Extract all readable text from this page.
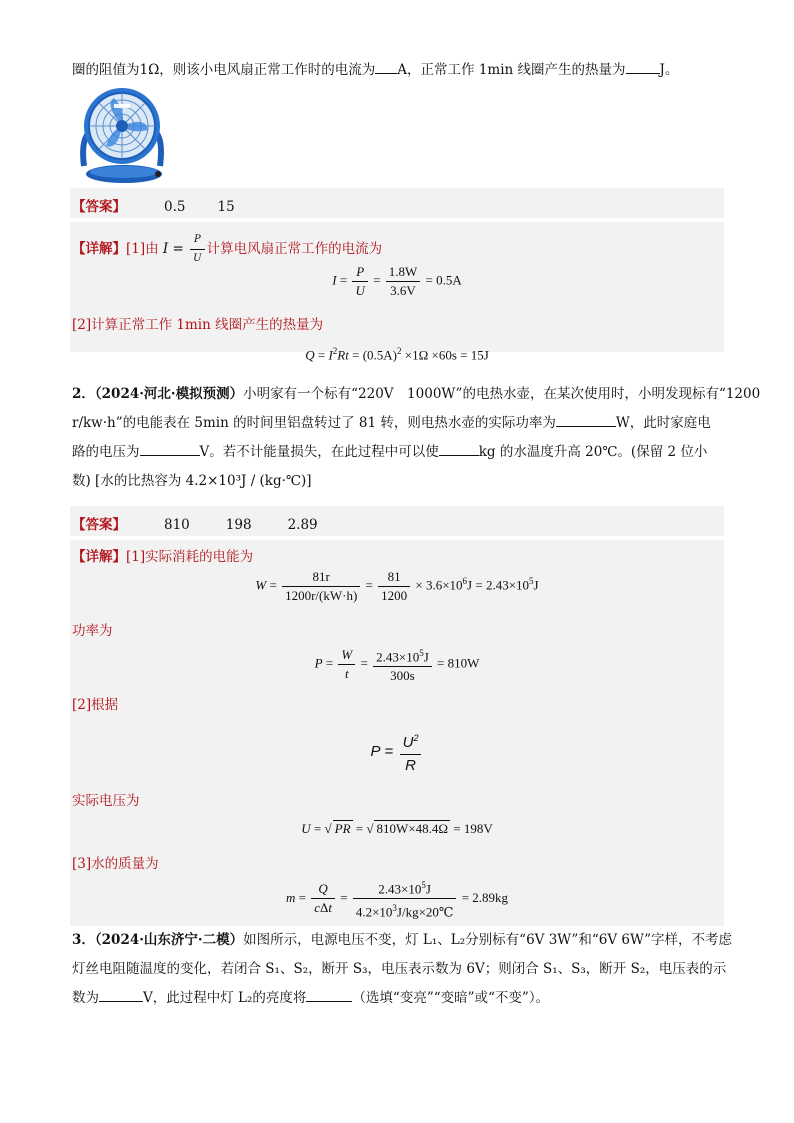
圈的阻值为1Ω，则该小电风扇正常工作时的电流为 A，正常工作 1min 线圈产生的热量为	J。
【答案】	0.5 15
【详解】[1]由 $I = \frac{P}{U}$ 计算电风扇正常工作的电流为
$I = \frac{P}{U} = \frac{1.8W}{3.6V} = 0.5A$
[2]计算正常工作 1min 线圈产生的热量为
$Q = I^2Rt = (0.5A)^2 \times 1\Omega \times 60s = 15J$
2．（2024·河北·模拟预测）小明家有一个标有“220V　1000W”的电热水壶，在某次使用时，小明发现标有“1200
r/kw·h”的电能表在 5min 的时间里铝盘转过了 81 转，则电热水壶的实际功率为	W，此时家庭电
路的电压为	V。若不计能量损失，在此过程中可以使	kg 的水温度升高 20℃。(保留 2 位小
数) [水的比热容为 4.2×10³J / (kg·℃)]
【答案】	810	198	2.89
【详解】[1]实际消耗的电能为
$W = \frac{81r}{1200r/(kW\cdot h)} = \frac{81}{1200} \times 3.6\times 10^6J = 2.43\times 10^5J$
功率为
$P = \frac{W}{t} = \frac{2.43\times 10^5J}{300s} = 810W$
[2]根据
$P = \frac{U^2}{R}$
实际电压为
U = √ PR = √ 810W×48.4Ω = 198V
[3]水的质量为
$m = \frac{Q}{\text{cΔt}} = \frac{2.43\times 10^5J}{4.2\times 10^3J/kg\times 20℃} = 2.89kg$
3．（2024·山东济宁·二模）如图所示，电源电压不变，灯 L₁、L₂分别标有“6V 3W”和“6V 6W”字样，不考虑
灯丝电阻随温度的变化，若闭合 S₁、S₂，断开 S₃，电压表示数为 6V；则闭合 S₁、S₃，断开 S₂，电压表的示
数为	V，此过程中灯 L₂的亮度将	（选填“变亮”“变暗”或“不变”）。
